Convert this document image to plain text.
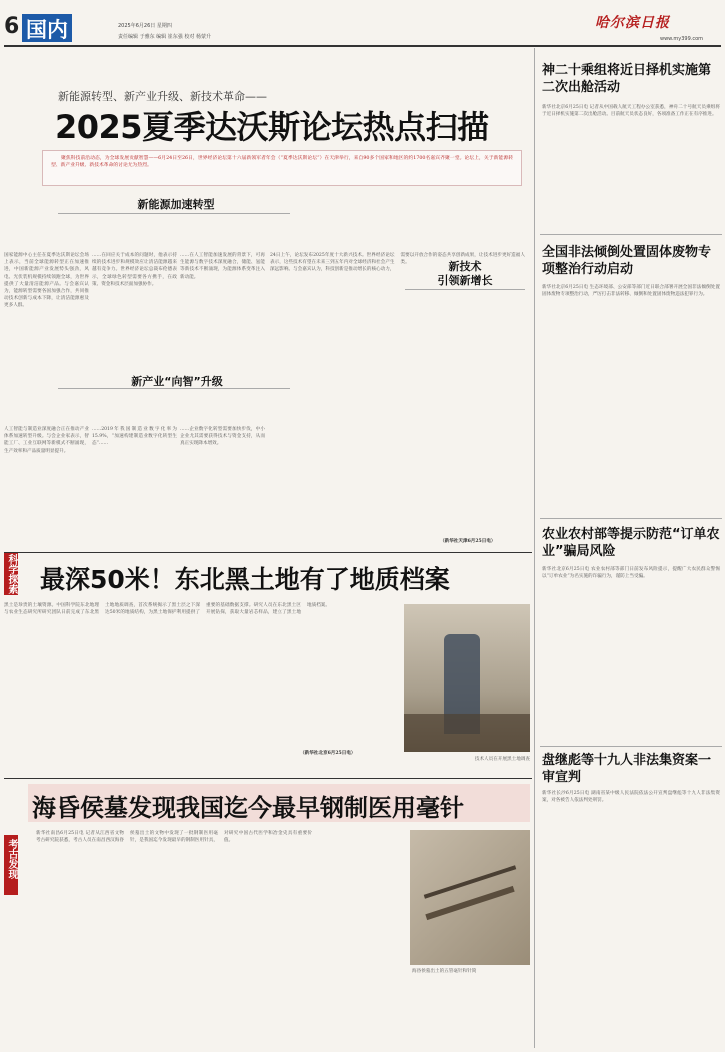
6 国内	2025年6月26日 星期四
责任编辑 于雅东 编辑 崔东强 校对 杨蒙升
哈尔滨日报
www.my399.com
新能源转型、新产业升级、新技术革命——
2025夏季达沃斯论坛热点扫描
聚焦科技前沿动态，为全球发展贡献智慧——6月24日至26日，世界经济论坛第十六届新领军者年会（“夏季达沃斯论坛”）在天津举行，来自90多个国家和地区的约1700名嘉宾齐聚一堂。论坛上，关于新能源转型、新产业升级、新技术革命的讨论尤为热烈。
新能源加速转型
国家能源中心主任在夏季达沃斯论坛会场上表示，当前全球能源转型正在加速推进，中国新能源产业发展势头强劲，风电、光伏装机规模持续领跑全球，为世界提供了大量清洁能源产品。与会嘉宾认为，能源转型需要各国加强合作，共同推动技术创新与成本下降，让清洁能源惠及更多人群。
……在回应关于成本的问题时，他表示持续的技术进步和规模效应让清洁能源越来越有竞争力。世界经济论坛总裁布伦德表示，全球绿色转型需要各方携手，在政策、资金和技术层面加强协作。
……在人工智能加速发展的背景下，可再生能源与数字技术深度融合，储能、氢能等新技术不断涌现，为能源体系变革注入新动能。
新产业“向智”升级
人工智能与制造业深度融合正在推动产业体系加速转型升级。与会企业家表示，智能工厂、工业互联网等新模式不断涌现，生产效率和产品质量明显提升。
……2019年我国制造业数字化率为15.9%，“加速构建制造业数字化转型生态”……
……企业数字化转型需要加快步伐，中小企业尤其需要获得技术与资金支持，从而真正实现降本增效。
新技术
引领新增长
24日上午，论坛发布2025年度十大新兴技术。世界经济论坛表示，这些技术有望在未来三到五年内对全球经济和社会产生深远影响。与会嘉宾认为，科技创新是推动增长的核心动力，需要以开放合作的姿态共享创新成果，让技术进步更好造福人类。
（新华社天津6月25日电）
科学探索 最深50米！东北黑土地有了地质档案
黑土是珍贵的土壤资源。中国科学院东北地理与农业生态研究所研究团队日前完成了东北黑土地地质调查，首次系统揭示了黑土层之下深达50米的地质结构，为黑土地保护利用提供了重要的基础数据支撑。研究人员在东北黑土区开展钻探，获取大量岩芯样品，建立了黑土地地质档案。
（新华社北京6月25日电）
技术人员在开展黑土地调查
考古发现
海昏侯墓发现我国迄今最早钢制医用毫针
新华社南昌6月25日电 记者从江西省文物考古研究院获悉，考古人员在南昌西汉海昏侯墓出土的文物中发现了一批钢制医用毫针，是我国迄今发现最早的钢制医用针具，对研究中国古代医学和冶金史具有重要价值。
海昏侯墓出土的五管毫针和针筒
神二十乘组将近日择机实施第二次出舱活动
新华社北京6月25日电 记者从中国载人航天工程办公室获悉，神舟二十号航天员乘组将于近日择机实施第二次出舱活动。目前航天员状态良好，各项准备工作正在有序推进。
全国非法倾倒处置固体废物专项整治行动启动
新华社北京6月25日电 生态环境部、公安部等部门近日联合部署开展全国非法倾倒处置固体废物专项整治行动，严厉打击非法转移、倾倒和处置固体废物违法犯罪行为。
农业农村部等提示防范“订单农业”骗局风险
新华社北京6月25日电 农业农村部等部门日前发布风险提示，提醒广大农民群众警惕以“订单农业”为名实施的诈骗行为，谨防上当受骗。
盘继彪等十九人非法集资案一审宣判
新华社长沙6月25日电 湖南省某中级人民法院依法公开宣判盘继彪等十九人非法集资案，对各被告人依法判处刑罚。
